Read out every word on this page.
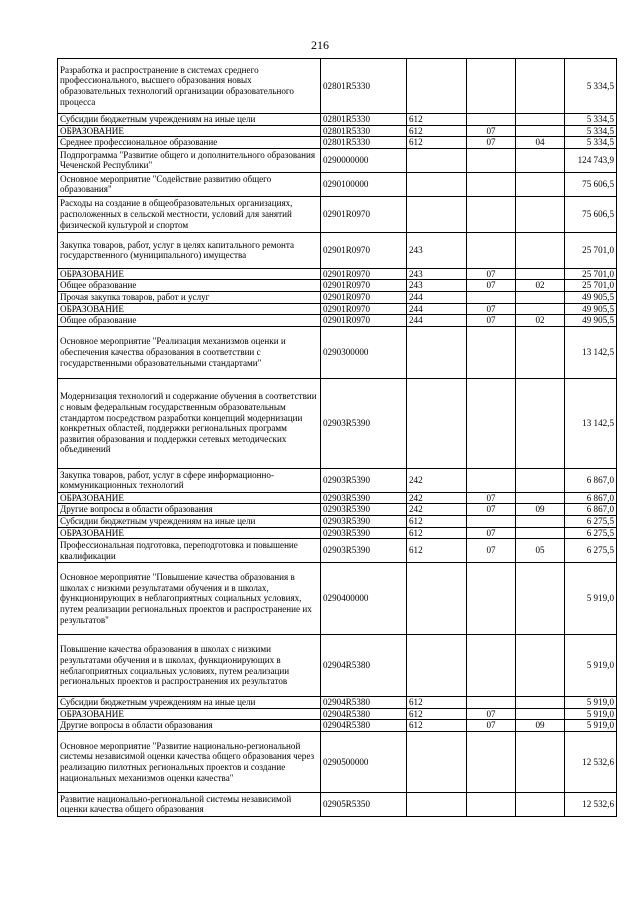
216
Разработка и распространение в системах среднего профессионального, высшего образования новых образовательных технологий организации образовательного процесса	02801R5330				5 334,5
Субсидии бюджетным учреждениям на иные цели	02801R5330	612			5 334,5
ОБРАЗОВАНИЕ	02801R5330	612	07		5 334,5
Среднее профессиональное образование	02801R5330	612	07	04	5 334,5
Подпрограмма "Развитие общего и дополнительного образования Чеченской Республики"	0290000000				124 743,9
Основное мероприятие "Содействие развитию общего образования"	0290100000				75 606,5
Расходы на создание в общеобразовательных организациях, расположенных в сельской местности, условий для занятий физической культурой и спортом	02901R0970				75 606,5
Закупка товаров, работ, услуг в целях капитального ремонта государственного (муниципального) имущества	02901R0970	243			25 701,0
ОБРАЗОВАНИЕ	02901R0970	243	07		25 701,0
Общее образование	02901R0970	243	07	02	25 701,0
Прочая закупка товаров, работ и услуг	02901R0970	244			49 905,5
ОБРАЗОВАНИЕ	02901R0970	244	07		49 905,5
Общее образование	02901R0970	244	07	02	49 905,5
Основное мероприятие "Реализация механизмов оценки и обеспечения качества образования в соответствии с государственными образовательными стандартами"	0290300000				13 142,5
Модернизация технологий и содержание обучения в соответствии с новым федеральным государственным образовательным стандартом посредством разработки концепций модернизации конкретных областей, поддержки региональных программ развития образования и поддержки сетевых методических объединений	02903R5390				13 142,5
Закупка товаров, работ, услуг в сфере информационно-коммуникационных технологий	02903R5390	242			6 867,0
ОБРАЗОВАНИЕ	02903R5390	242	07		6 867,0
Другие вопросы в области образования	02903R5390	242	07	09	6 867,0
Субсидии бюджетным учреждениям на иные цели	02903R5390	612			6 275,5
ОБРАЗОВАНИЕ	02903R5390	612	07		6 275,5
Профессиональная подготовка, переподготовка и повышение квалификации	02903R5390	612	07	05	6 275,5
Основное мероприятие "Повышение качества образования в школах с низкими результатами обучения и в школах, функционирующих в неблагоприятных социальных условиях, путем реализации региональных проектов и распространение их результатов"	0290400000				5 919,0
Повышение качества образования в школах с низкими результатами обучения и в школах, функционирующих в неблагоприятных социальных условиях, путем реализации региональных проектов и распространения их результатов	02904R5380				5 919,0
Субсидии бюджетным учреждениям на иные цели	02904R5380	612			5 919,0
ОБРАЗОВАНИЕ	02904R5380	612	07		5 919,0
Другие вопросы в области образования	02904R5380	612	07	09	5 919,0
Основное мероприятие "Развитие национально-региональной системы независимой оценки качества общего образования через реализацию пилотных региональных проектов и создание национальных механизмов оценки качества"	0290500000				12 532,6
Развитие национально-региональной системы независимой оценки качества общего образования	02905R5350				12 532,6
